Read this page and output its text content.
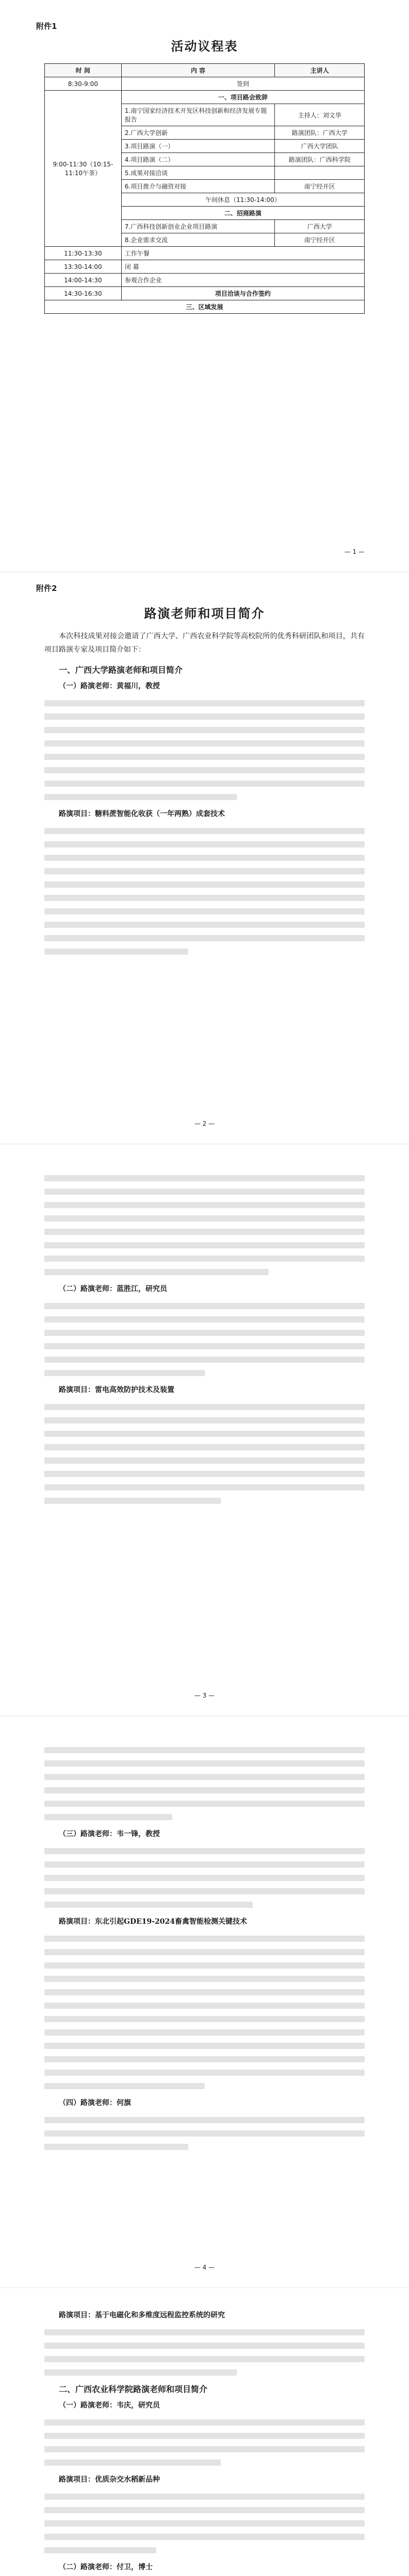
附件1
活动议程表
时 间	内 容	主讲人
8:30-9:00	签到	
9:00-11:30（10:15-11:10午茶）	一、项目路会致辞	
	1.南宁国家经济技术开发区科技创新和经济发展专题报告	主持人：刘文华
	2.广西大学创新	路演团队：广西大学
	3.项目路演（一）	广西大学团队
	4.项目路演（二）	路演团队：广西科学院
	5.成果对接洽谈	
	6.项目推介与融资对接	南宁经开区
	午间休息（11:30-14:00）	
	二、招商路演	
	7.广西科技创新创业企业项目路演	广西大学
	8.企业需求交流	南宁经开区
11:30-13:30	工作午餐	
13:30-14:00	闭 幕	
14:00-14:30	参观合作企业	
14:30-16:30	项目洽谈与合作签约	
三、区域发展		
— 1 —
附件2
路演老师和项目简介

本次科技成果对接会邀请了广西大学、广西农业科学院等高校院所的优秀科研团队和项目，共有项目路演专家及项目简介如下：

一、广西大学路演老师和项目简介

（一）路演老师：黄福川，教授

路演项目：糖料蔗智能化收获（一年两熟）成套技术

— 2 —

（二）路演老师：蓝胜江，研究员

路演项目：雷电高效防护技术及装置

— 3 —

（三）路演老师：韦一锋，教授

路演项目：东北引起GDE19-2024畜禽智能检测关键技术

（四）路演老师：何旗

— 4 —

路演项目：基于电磁化和多维度远程监控系统的研究

二、广西农业科学院路演老师和项目简介

（一）路演老师：韦庆，研究员

路演项目：优质杂交水稻新品种

（二）路演老师：付卫，博士
